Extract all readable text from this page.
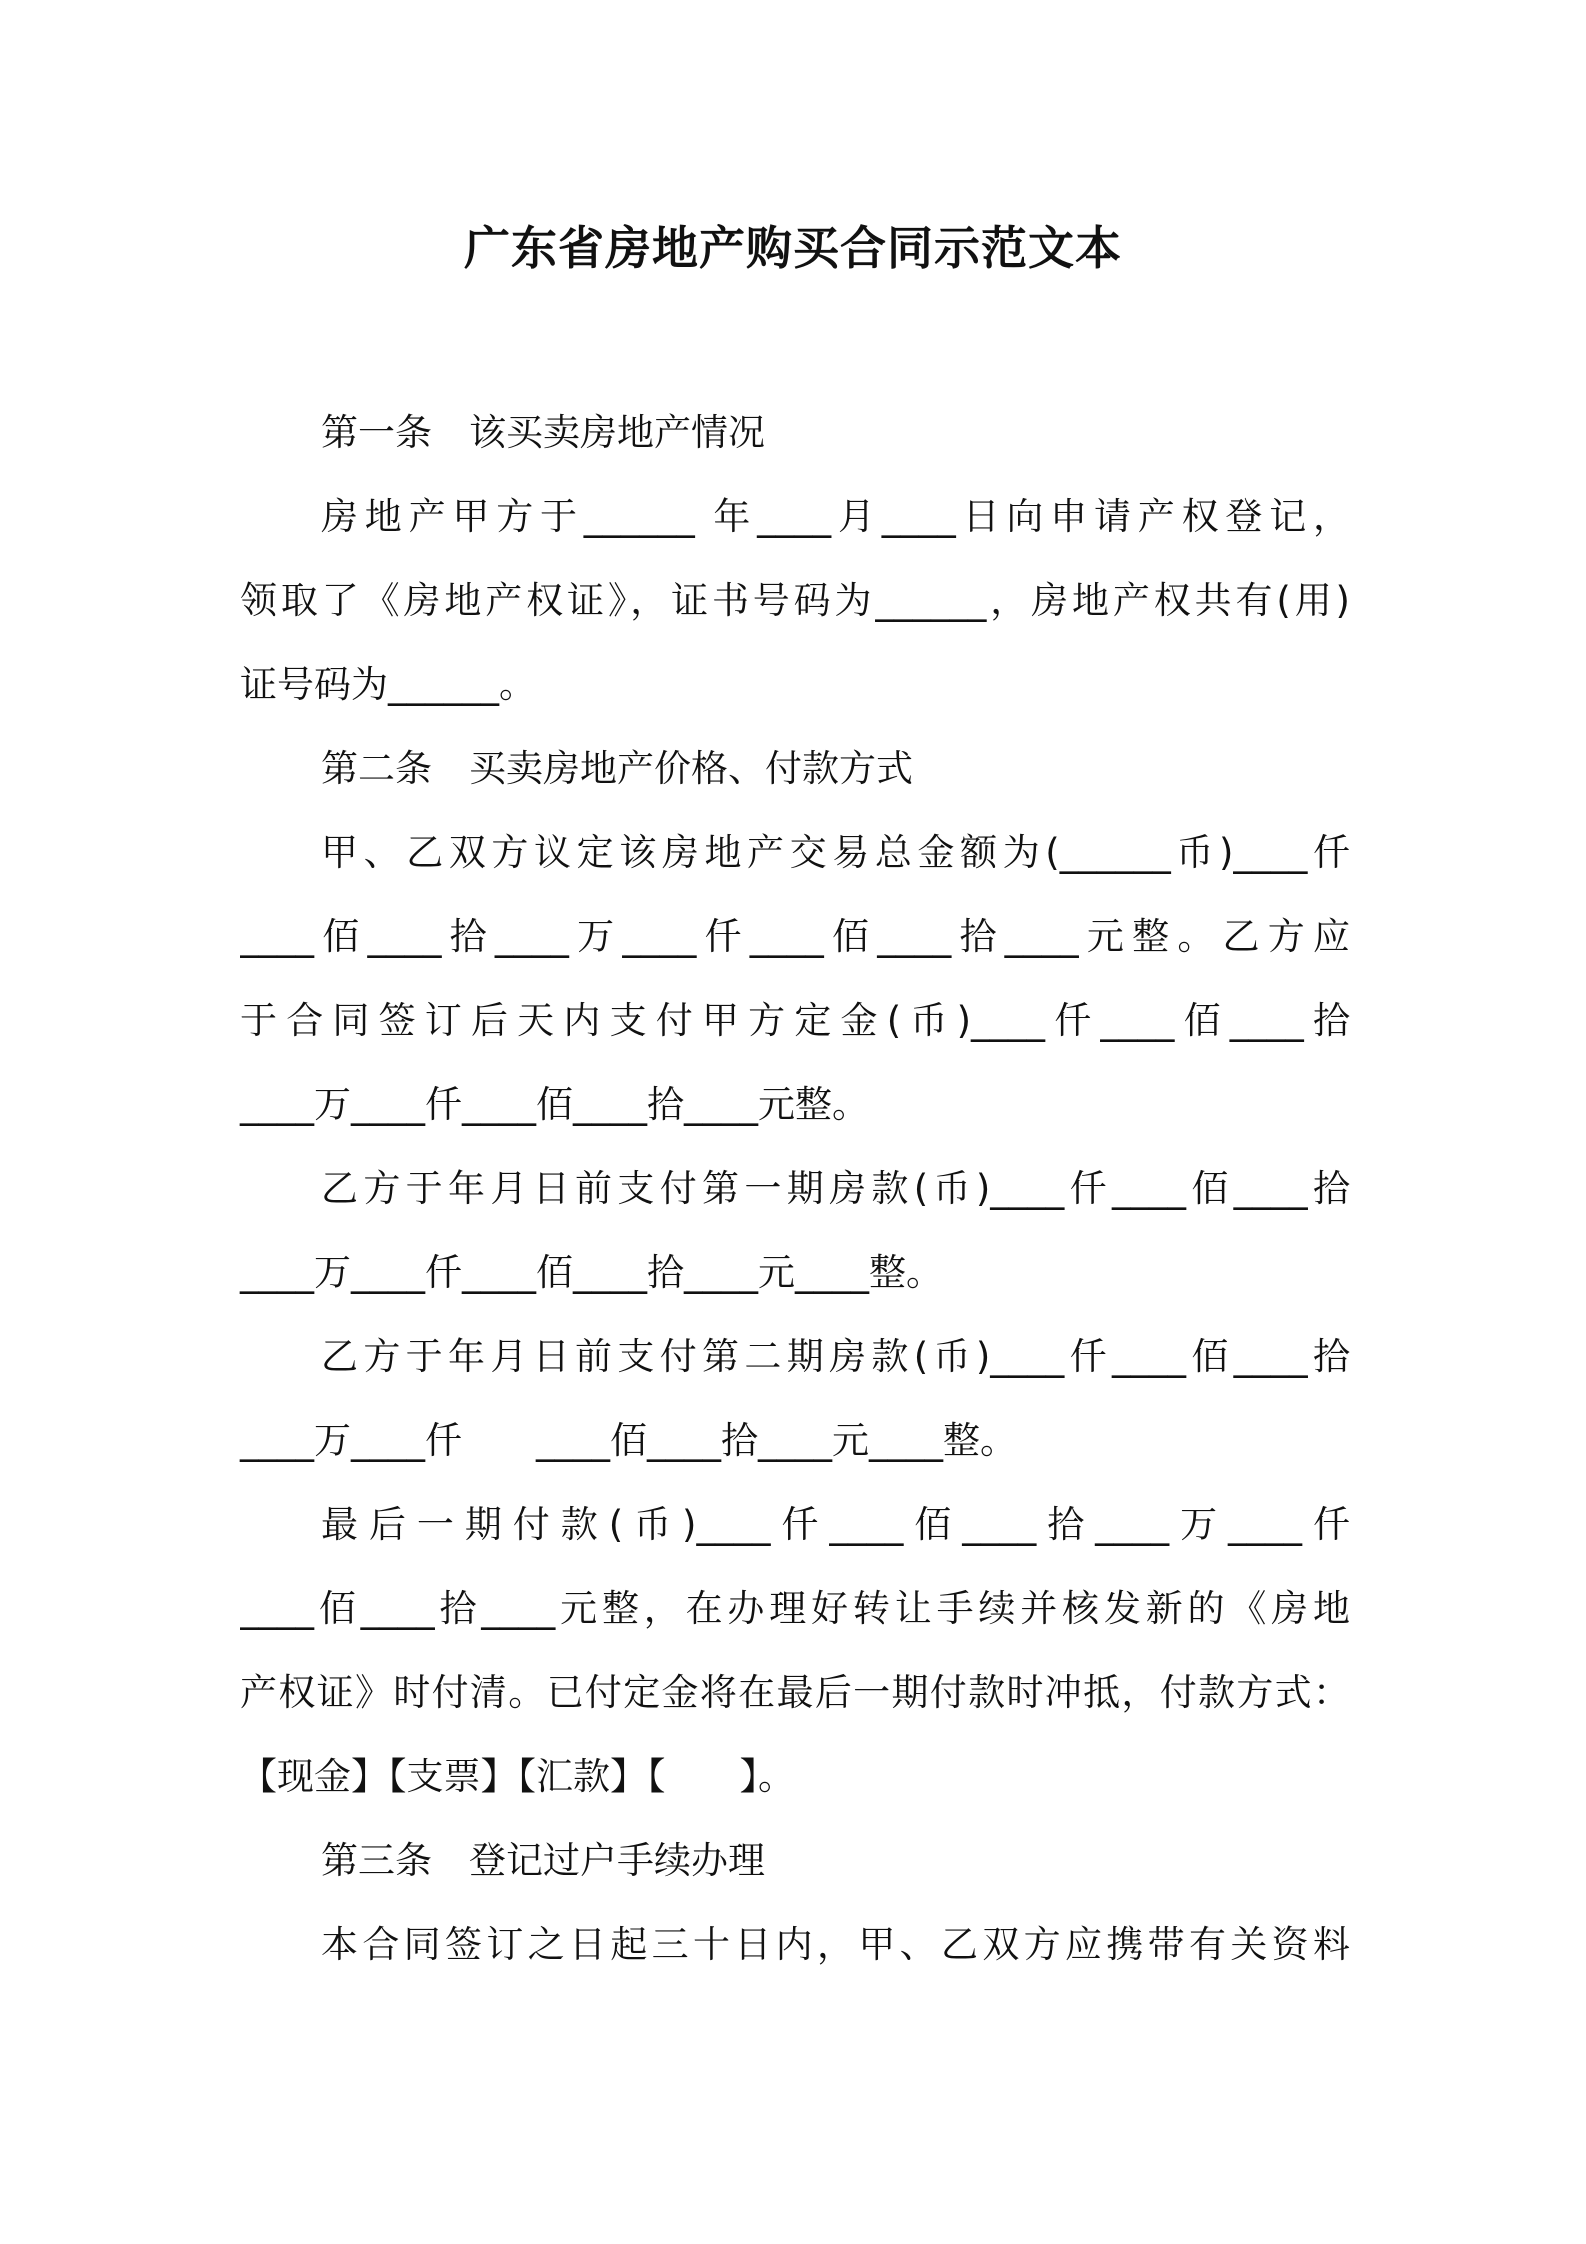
广东省房地产购买合同示范文本
第一条　该买卖房地产情况
房地产甲方于______ 年____月____日向申请产权登记，
领取了《房地产权证》，证书号码为______，房地产权共有(用)
证号码为______。
第二条　买卖房地产价格、付款方式
甲、乙双方议定该房地产交易总金额为(______币)____仟
____佰____拾____万____仟____佰____拾____元整。乙方应
于合同签订后天内支付甲方定金(币)____仟____佰____拾
____万____仟____佰____拾____元整。
乙方于年月日前支付第一期房款(币)____仟____佰____拾
____万____仟____佰____拾____元____整。
乙方于年月日前支付第二期房款(币)____仟____佰____拾
____万____仟　　____佰____拾____元____整。
最后一期付款(币)____仟____佰____拾____万____仟
____佰____拾____元整，在办理好转让手续并核发新的《房地
产权证》时付清。已付定金将在最后一期付款时冲抵，付款方式：
【现金】【支票】【汇款】【　　】。
第三条　登记过户手续办理
本合同签订之日起三十日内，甲、乙双方应携带有关资料
